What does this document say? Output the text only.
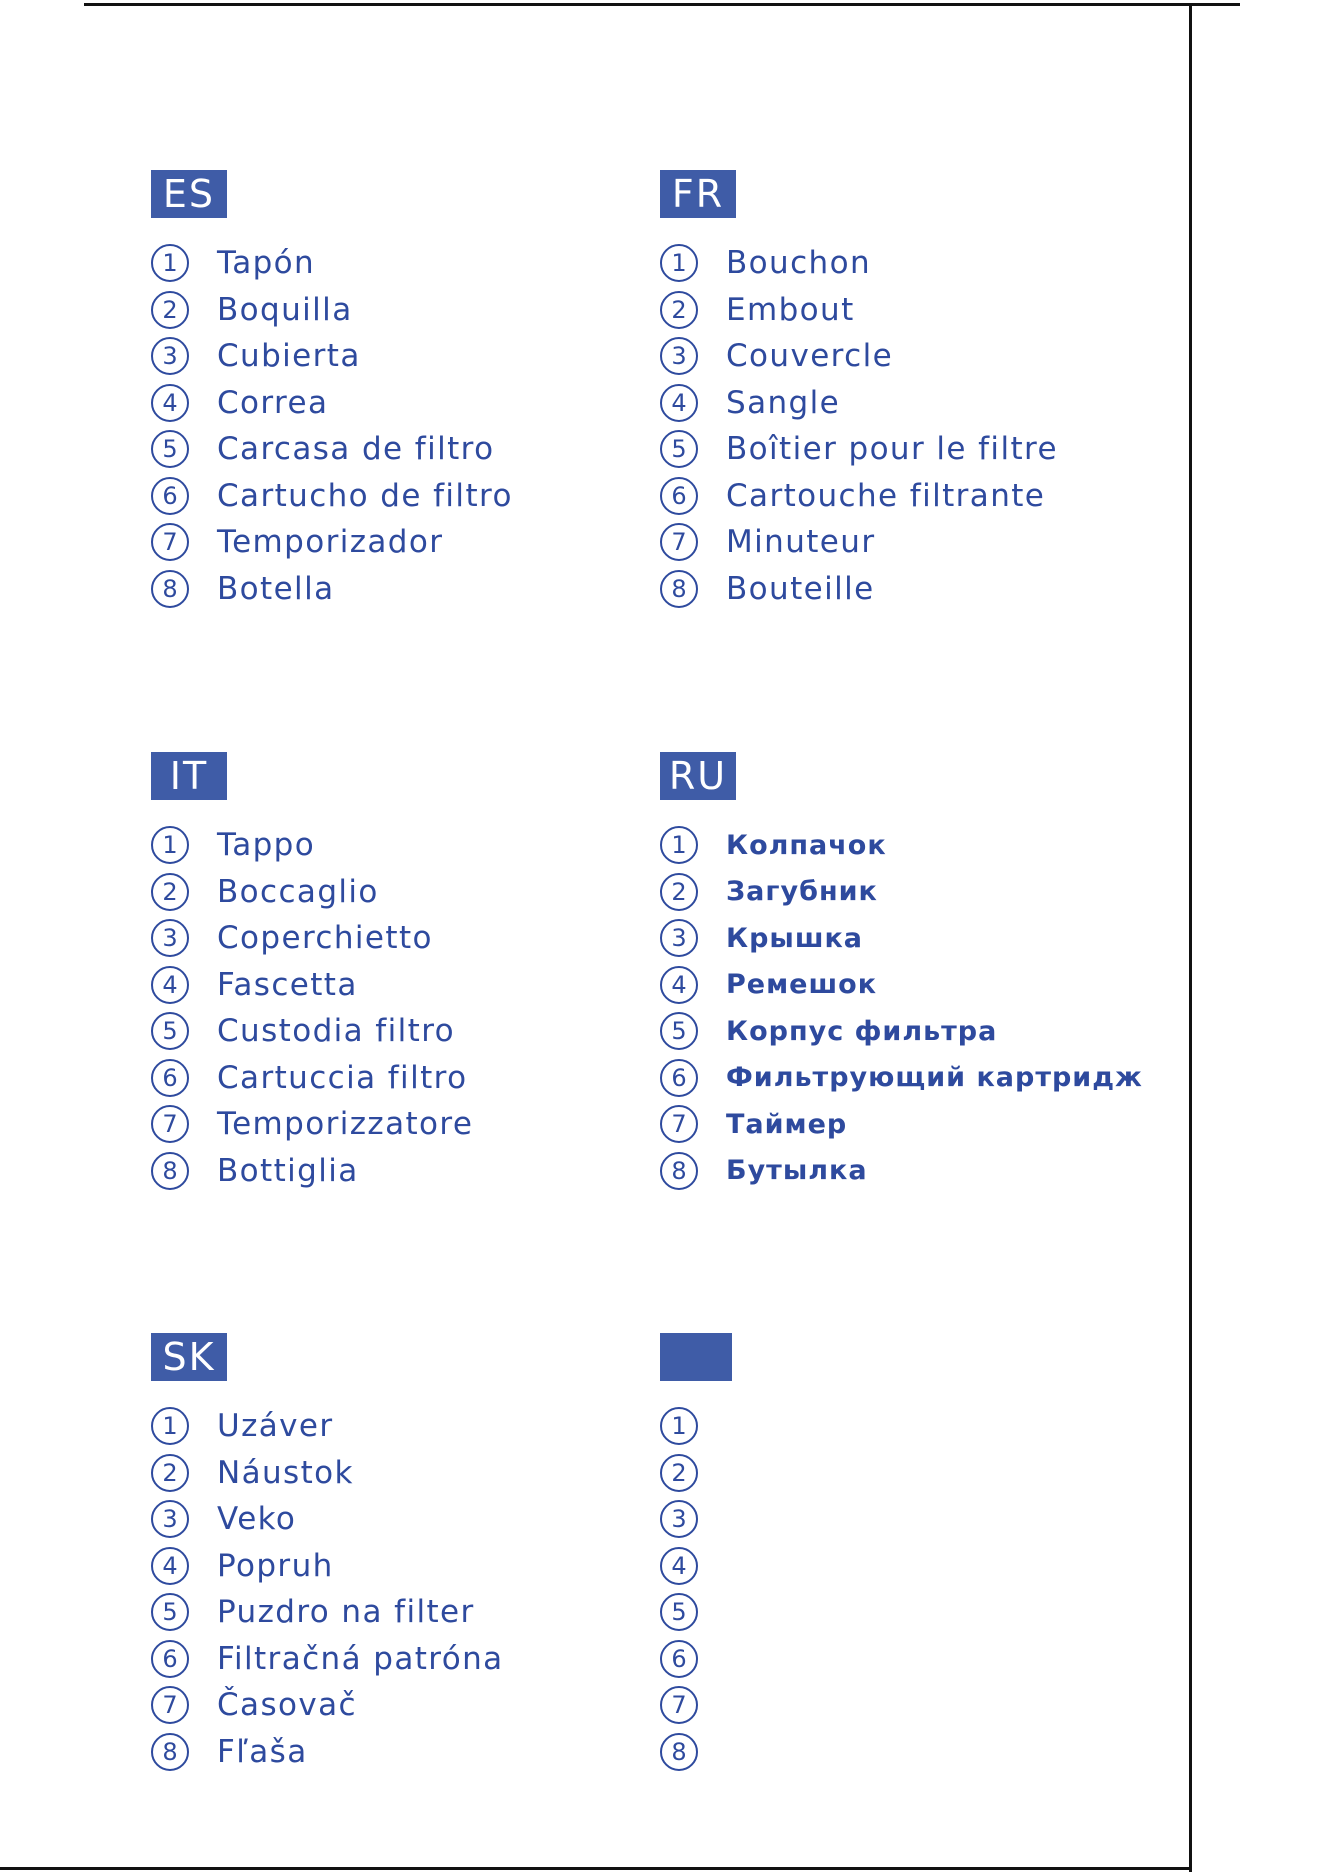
ES
1	Tapón
2	Boquilla
3	Cubierta
4	Correa
5	Carcasa de filtro
6	Cartucho de filtro
7	Temporizador
8	Botella
FR
1	Bouchon
2	Embout
3	Couvercle
4	Sangle
5	Boîtier pour le filtre
6	Cartouche filtrante
7	Minuteur
8	Bouteille
IT
1	Tappo
2	Boccaglio
3	Coperchietto
4	Fascetta
5	Custodia filtro
6	Cartuccia filtro
7	Temporizzatore
8	Bottiglia
RU
1	Колпачок
2	Загубник
3	Крышка
4	Ремешок
5	Корпус фильтра
6	Фильтрующий картридж
7	Таймер
8	Бутылка
SK
1	Uzáver
2	Náustok
3	Veko
4	Popruh
5	Puzdro na filter
6	Filtračná patróna
7	Časovač
8	Fľaša
1
2
3
4
5
6
7
8
